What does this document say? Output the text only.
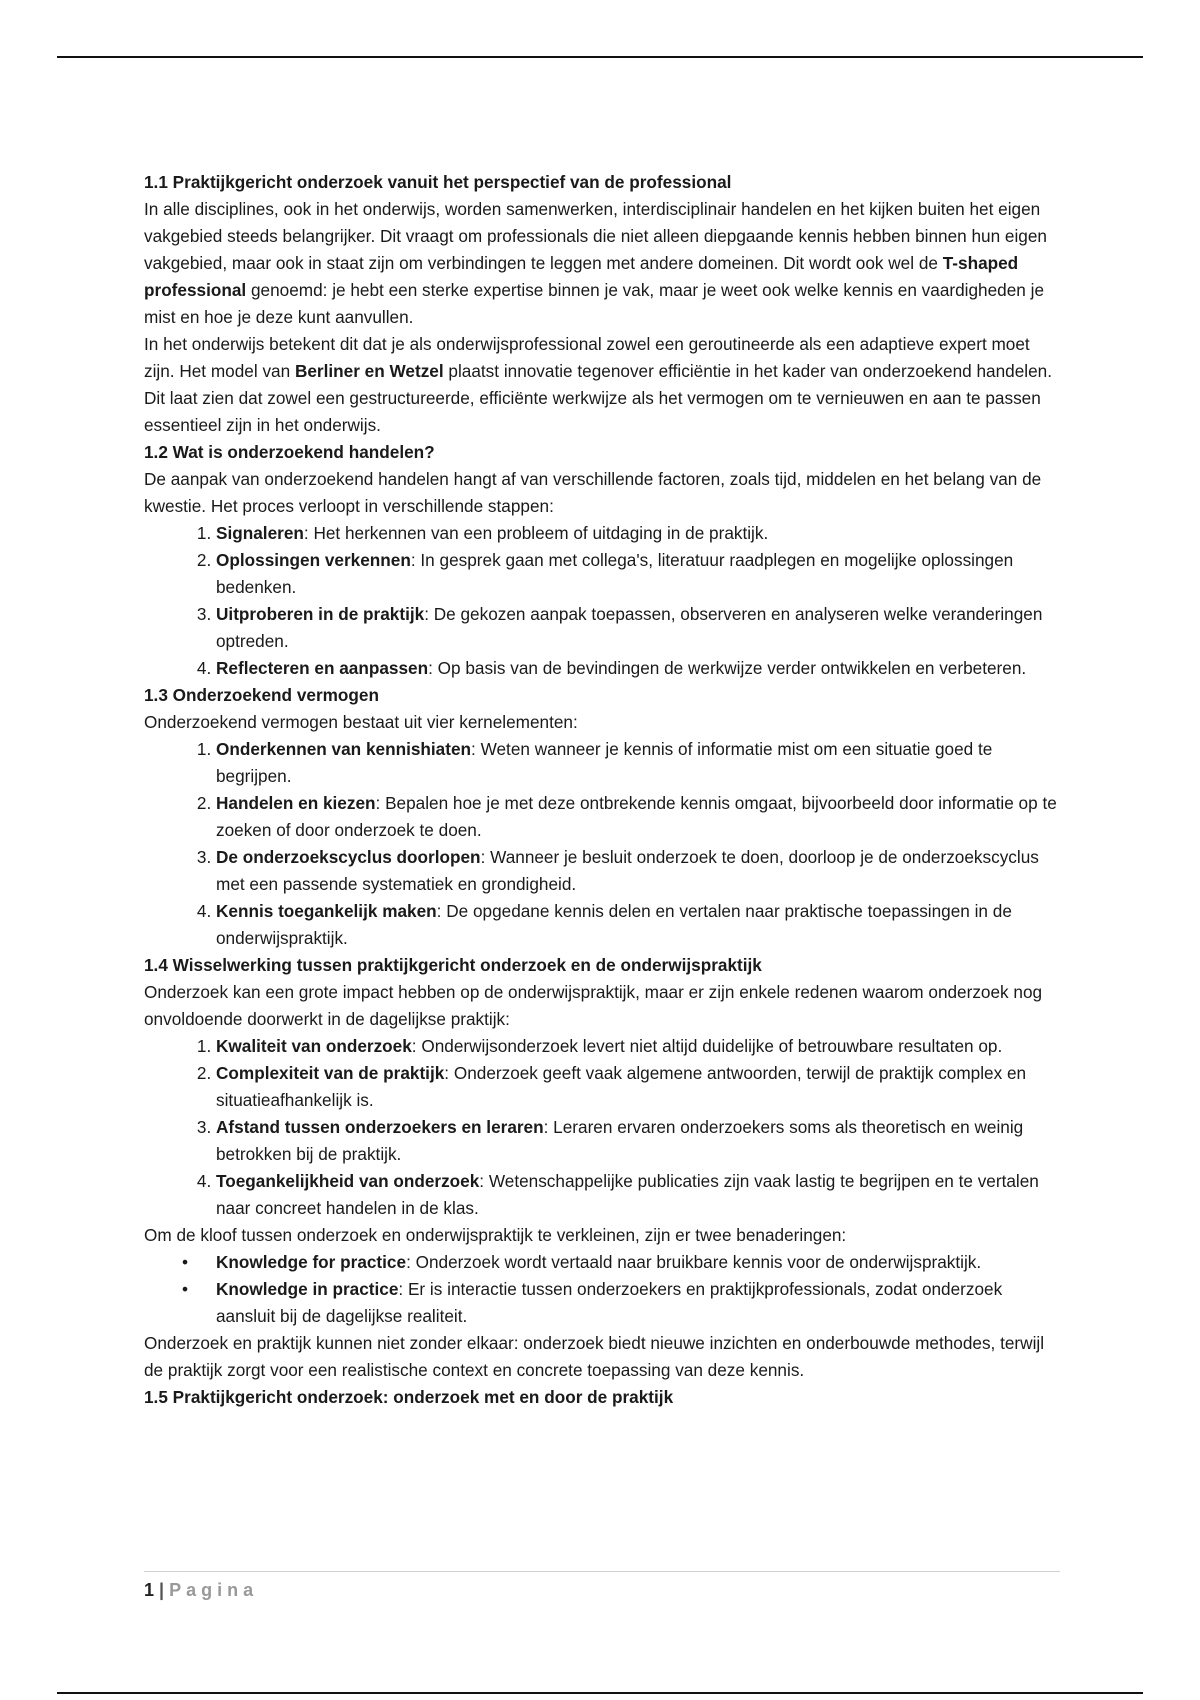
1.1 Praktijkgericht onderzoek vanuit het perspectief van de professional

In alle disciplines, ook in het onderwijs, worden samenwerken, interdisciplinair handelen en het kijken buiten het eigen vakgebied steeds belangrijker. Dit vraagt om professionals die niet alleen diepgaande kennis hebben binnen hun eigen vakgebied, maar ook in staat zijn om verbindingen te leggen met andere domeinen. Dit wordt ook wel de T-shaped professional genoemd: je hebt een sterke expertise binnen je vak, maar je weet ook welke kennis en vaardigheden je mist en hoe je deze kunt aanvullen.

In het onderwijs betekent dit dat je als onderwijsprofessional zowel een geroutineerde als een adaptieve expert moet zijn. Het model van Berliner en Wetzel plaatst innovatie tegenover efficiëntie in het kader van onderzoekend handelen. Dit laat zien dat zowel een gestructureerde, efficiënte werkwijze als het vermogen om te vernieuwen en aan te passen essentieel zijn in het onderwijs.

1.2 Wat is onderzoekend handelen?

De aanpak van onderzoekend handelen hangt af van verschillende factoren, zoals tijd, middelen en het belang van de kwestie. Het proces verloopt in verschillende stappen:

1. Signaleren: Het herkennen van een probleem of uitdaging in de praktijk.
2. Oplossingen verkennen: In gesprek gaan met collega's, literatuur raadplegen en mogelijke oplossingen bedenken.
3. Uitproberen in de praktijk: De gekozen aanpak toepassen, observeren en analyseren welke veranderingen optreden.
4. Reflecteren en aanpassen: Op basis van de bevindingen de werkwijze verder ontwikkelen en verbeteren.
1.3 Onderzoekend vermogen

Onderzoekend vermogen bestaat uit vier kernelementen:

1. Onderkennen van kennishiaten: Weten wanneer je kennis of informatie mist om een situatie goed te begrijpen.
2. Handelen en kiezen: Bepalen hoe je met deze ontbrekende kennis omgaat, bijvoorbeeld door informatie op te zoeken of door onderzoek te doen.
3. De onderzoekscyclus doorlopen: Wanneer je besluit onderzoek te doen, doorloop je de onderzoekscyclus met een passende systematiek en grondigheid.
4. Kennis toegankelijk maken: De opgedane kennis delen en vertalen naar praktische toepassingen in de onderwijspraktijk.
1.4 Wisselwerking tussen praktijkgericht onderzoek en de onderwijspraktijk

Onderzoek kan een grote impact hebben op de onderwijspraktijk, maar er zijn enkele redenen waarom onderzoek nog onvoldoende doorwerkt in de dagelijkse praktijk:

1. Kwaliteit van onderzoek: Onderwijsonderzoek levert niet altijd duidelijke of betrouwbare resultaten op.
2. Complexiteit van de praktijk: Onderzoek geeft vaak algemene antwoorden, terwijl de praktijk complex en situatieafhankelijk is.
3. Afstand tussen onderzoekers en leraren: Leraren ervaren onderzoekers soms als theoretisch en weinig betrokken bij de praktijk.
4. Toegankelijkheid van onderzoek: Wetenschappelijke publicaties zijn vaak lastig te begrijpen en te vertalen naar concreet handelen in de klas.

Om de kloof tussen onderzoek en onderwijspraktijk te verkleinen, zijn er twee benaderingen:

• Knowledge for practice: Onderzoek wordt vertaald naar bruikbare kennis voor de onderwijspraktijk.
• Knowledge in practice: Er is interactie tussen onderzoekers en praktijkprofessionals, zodat onderzoek aansluit bij de dagelijkse realiteit.

Onderzoek en praktijk kunnen niet zonder elkaar: onderzoek biedt nieuwe inzichten en onderbouwde methodes, terwijl de praktijk zorgt voor een realistische context en concrete toepassing van deze kennis.

1.5 Praktijkgericht onderzoek: onderzoek met en door de praktijk
1 | Pagina
